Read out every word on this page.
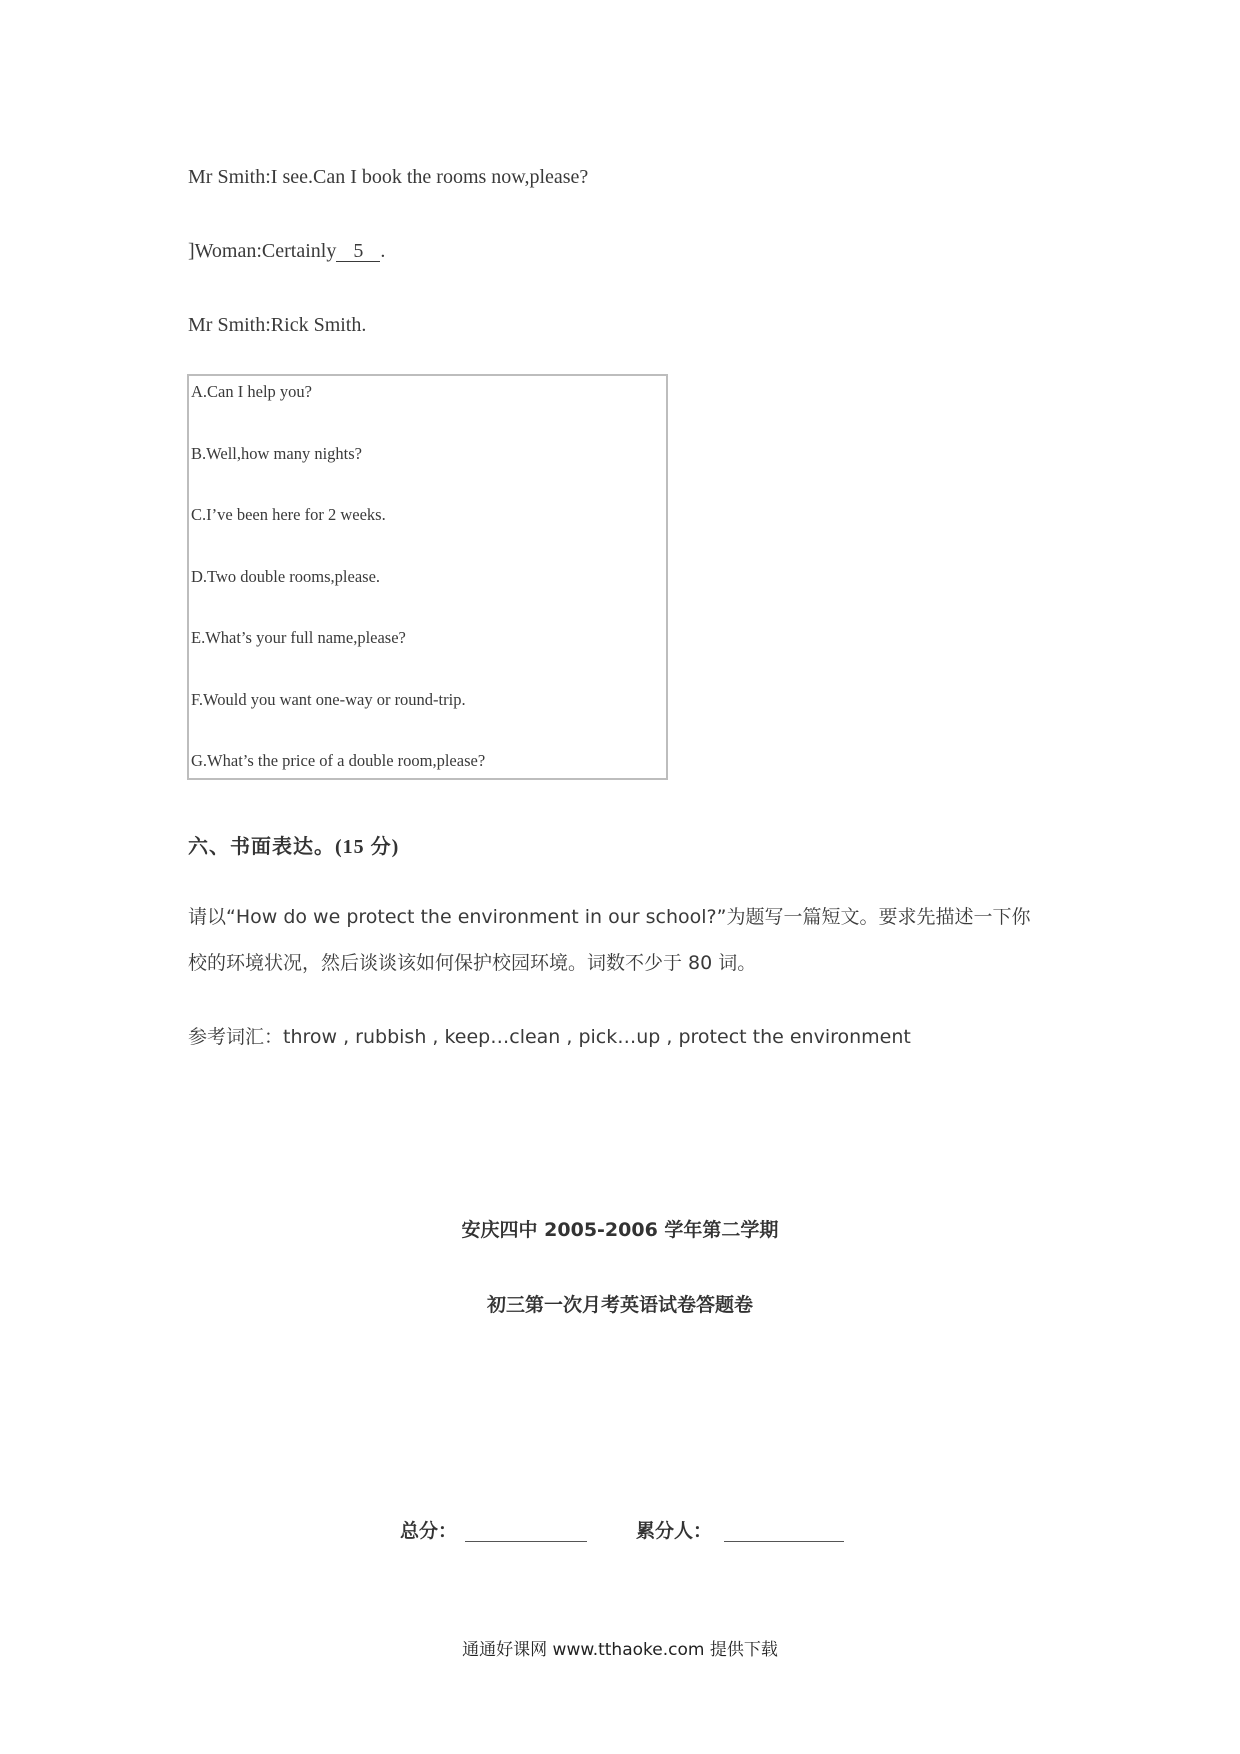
Mr Smith:I see.Can I book the rooms now,please?
]Woman:Certainly 5 .
Mr Smith:Rick Smith.
A.Can I help you?
B.Well,how many nights?
C.I’ve been here for 2 weeks.
D.Two double rooms,please.
E.What’s your full name,please?
F.Would you want one-way or round-trip.
G.What’s the price of a double room,please?
六、书面表达。(15 分)
请以“How do we protect the environment in our school?”为题写一篇短文。要求先描述一下你
校的环境状况，然后谈谈该如何保护校园环境。词数不少于 80 词。
参考词汇：throw , rubbish , keep…clean , pick…up , protect the environment
安庆四中 2005-2006 学年第二学期
初三第一次月考英语试卷答题卷
总分：	累分人：
通通好课网 www.tthaoke.com 提供下载
